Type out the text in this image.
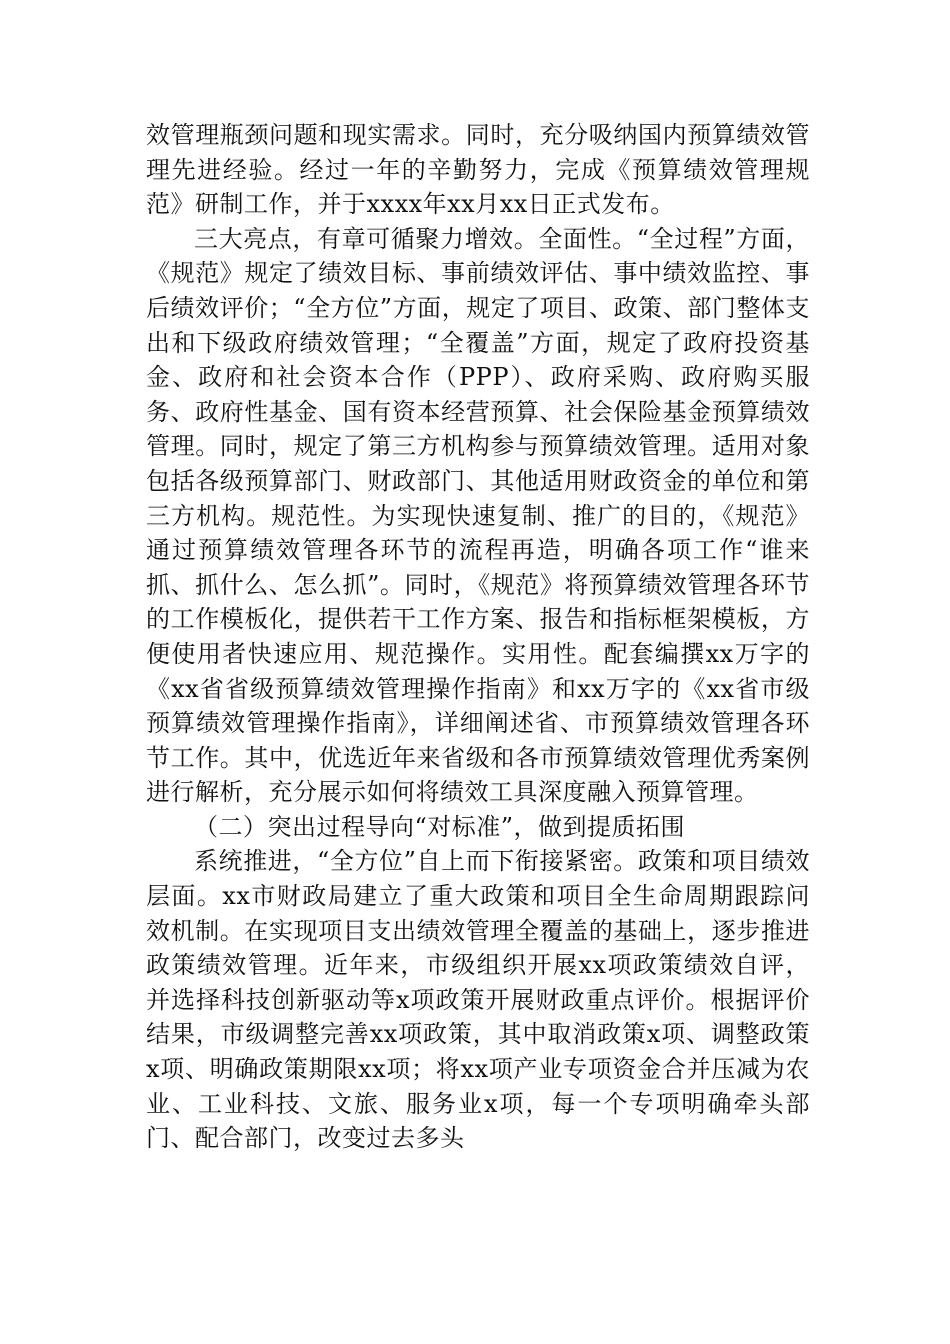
效管理瓶颈问题和现实需求。同时，充分吸纳国内预算绩效管理先进经验。经过一年的辛勤努力，完成《预算绩效管理规范》研制工作，并于xxxx年xx月xx日正式发布。

三大亮点，有章可循聚力增效。全面性。“全过程”方面，《规范》规定了绩效目标、事前绩效评估、事中绩效监控、事后绩效评价；“全方位”方面，规定了项目、政策、部门整体支出和下级政府绩效管理；“全覆盖”方面，规定了政府投资基金、政府和社会资本合作（PPP）、政府采购、政府购买服务、政府性基金、国有资本经营预算、社会保险基金预算绩效管理。同时，规定了第三方机构参与预算绩效管理。适用对象包括各级预算部门、财政部门、其他适用财政资金的单位和第三方机构。规范性。为实现快速复制、推广的目的，《规范》通过预算绩效管理各环节的流程再造，明确各项工作“谁来抓、抓什么、怎么抓”。同时，《规范》将预算绩效管理各环节的工作模板化，提供若干工作方案、报告和指标框架模板，方便使用者快速应用、规范操作。实用性。配套编撰xx万字的《xx省省级预算绩效管理操作指南》和xx万字的《xx省市级预算绩效管理操作指南》，详细阐述省、市预算绩效管理各环节工作。其中，优选近年来省级和各市预算绩效管理优秀案例进行解析，充分展示如何将绩效工具深度融入预算管理。

（二）突出过程导向“对标准”，做到提质拓围

系统推进，“全方位”自上而下衔接紧密。政策和项目绩效层面。xx市财政局建立了重大政策和项目全生命周期跟踪问效机制。在实现项目支出绩效管理全覆盖的基础上，逐步推进政策绩效管理。近年来，市级组织开展xx项政策绩效自评，并选择科技创新驱动等x项政策开展财政重点评价。根据评价结果，市级调整完善xx项政策，其中取消政策x项、调整政策x项、明确政策期限xx项；将xx项产业专项资金合并压减为农业、工业科技、文旅、服务业x项，每一个专项明确牵头部门、配合部门，改变过去多头
